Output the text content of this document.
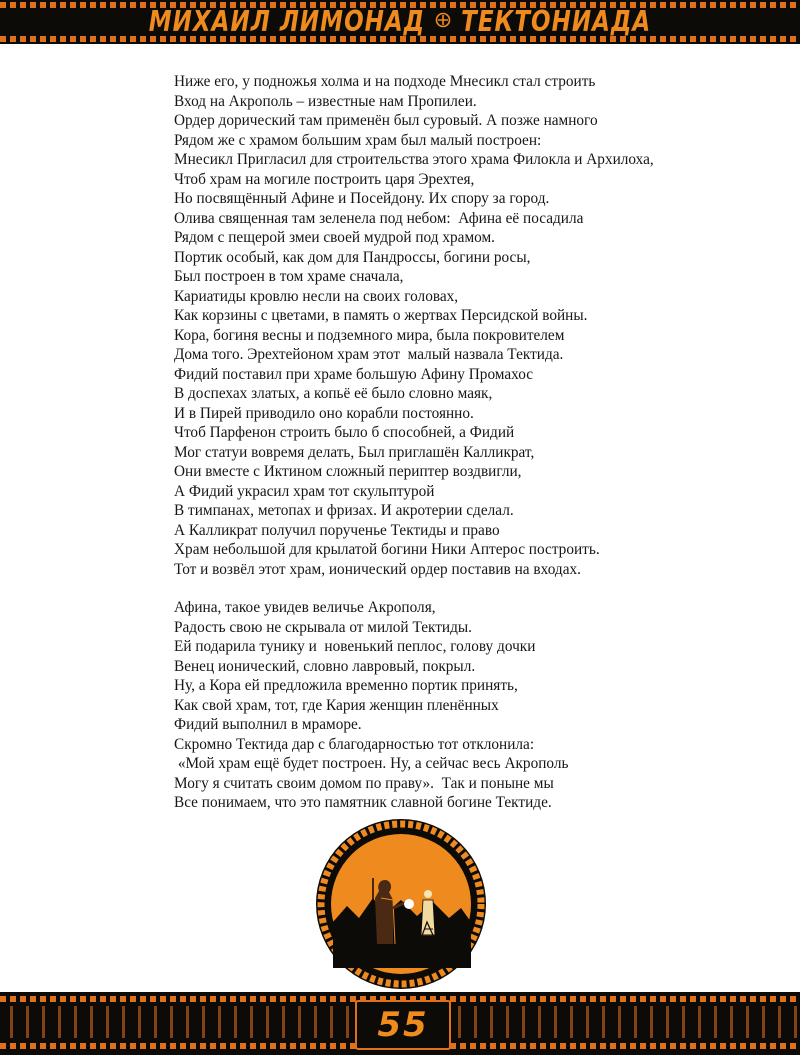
МИХАИЛ ЛИМОНАД ТЕКТОНИАДА
Ниже его, у подножья холма и на подходе Мнесикл стал строить
Вход на Акрополь – известные нам Пропилеи.
Ордер дорический там применён был суровый. А позже намного
Рядом же с храмом большим храм был малый построен:
Мнесикл Пригласил для строительства этого храма Филокла и Архилоха,
Чтоб храм на могиле построить царя Эрехтея,
Но посвящённый Афине и Посейдону. Их спору за город.
Олива священная там зеленела под небом:  Афина её посадила
Рядом с пещерой змеи своей мудрой под храмом.
Портик особый, как дом для Пандроссы, богини росы,
Был построен в том храме сначала,
Кариатиды кровлю несли на своих головах,
Как корзины с цветами, в память о жертвах Персидской войны.
Кора, богиня весны и подземного мира, была покровителем
Дома того. Эрехтейоном храм этот  малый назвала Тектида.
Фидий поставил при храме большую Афину Промахос
В доспехах златых, а копьё её было словно маяк,
И в Пирей приводило оно корабли постоянно.
Чтоб Парфенон строить было б способней, а Фидий
Мог статуи вовремя делать, Был приглашён Калликрат,
Они вместе с Иктином сложный периптер воздвигли,
А Фидий украсил храм тот скульптурой
В тимпанах, метопах и фризах. И акротерии сделал.
А Калликрат получил порученье Тектиды и право
Храм небольшой для крылатой богини Ники Аптерос построить.
Тот и возвёл этот храм, ионический ордер поставив на входах.
Афина, такое увидев величье Акрополя,
Радость свою не скрывала от милой Тектиды.
Ей подарила тунику и  новенький пеплос, голову дочки
Венец ионический, словно лавровый, покрыл.
Ну, а Кора ей предложила временно портик принять,
Как свой храм, тот, где Кария женщин пленённых
Фидий выполнил в мраморе.
Скромно Тектида дар с благодарностью тот отклонила:
«Мой храм ещё будет построен. Ну, а сейчас весь Акрополь
Могу я считать своим домом по праву».  Так и поныне мы
Все понимаем, что это памятник славной богине Тектиде.
55
